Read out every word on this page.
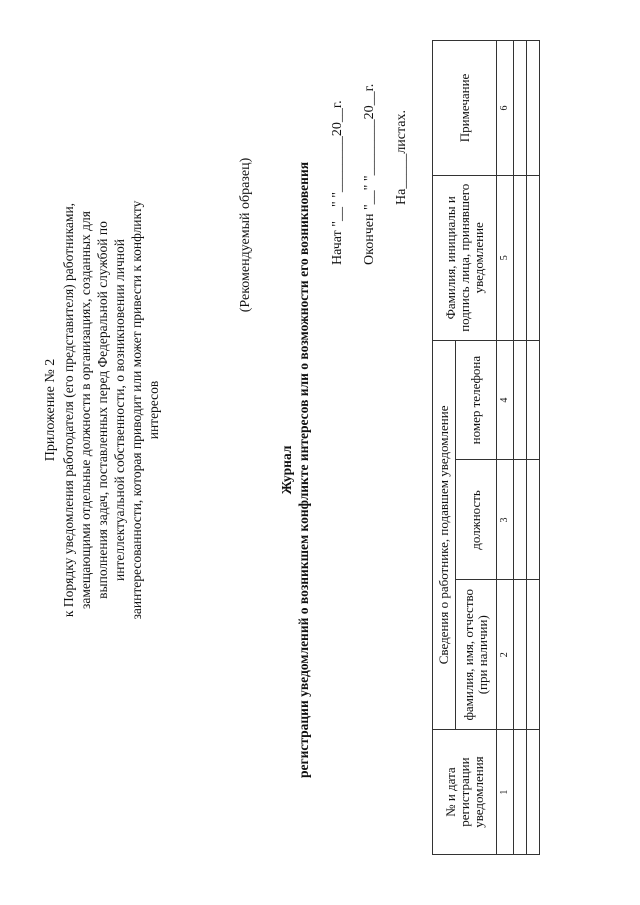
Приложение № 2 к Порядку уведомления работодателя (его представителя) работниками, замещающими отдельные должности в организациях, созданных для выполнения задач, поставленных перед Федеральной службой по интеллектуальной собственности, о возникновении личной заинтересованности, которая приводит или может привести к конфликту интересов
(Рекомендуемый образец)
Журнал регистрации уведомлений о возникшем конфликте интересов или о возможности его возникновения	Начат "__" "________20__г.	Окончен "__" "________20__г.	На_____листах.
№ и дата регистрации уведомления	Сведения о работнике, подавшем уведомление			Фамилия, инициалы и подпись лица, принявшего уведомление	Примечание
	фамилия, имя, отчество (при наличии)	должность	номер телефона		
1	2	3	4	5	6
